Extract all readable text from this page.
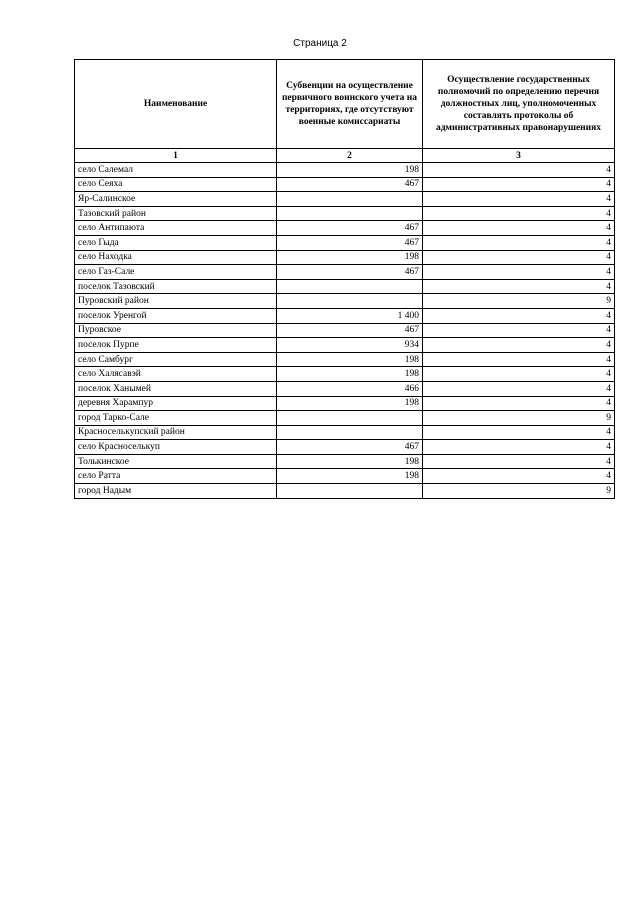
Страница 2
Наименование	Субвенции на осуществление первичного воинского учета на территориях, где отсутствуют военные комиссариаты	Осуществление государственных полномочий по определению перечня должностных лиц, уполномоченных составлять протоколы об административных правонарушениях
1	2	3
село Салемал	198	4
село Сеяха	467	4
Яр-Салинское		4
Тазовский район		4
село Антипаюта	467	4
село Гыда	467	4
село Находка	198	4
село Газ-Сале	467	4
поселок Тазовский		4
Пуровский район		9
поселок Уренгой	1 400	4
Пуровское	467	4
поселок Пурпе	934	4
село Самбург	198	4
село Халясавэй	198	4
поселок Ханымей	466	4
деревня Харампур	198	4
город Тарко-Сале		9
Красноселькупский район		4
село Красноселькуп	467	4
Толькинское	198	4
село Ратта	198	4
город Надым		9
